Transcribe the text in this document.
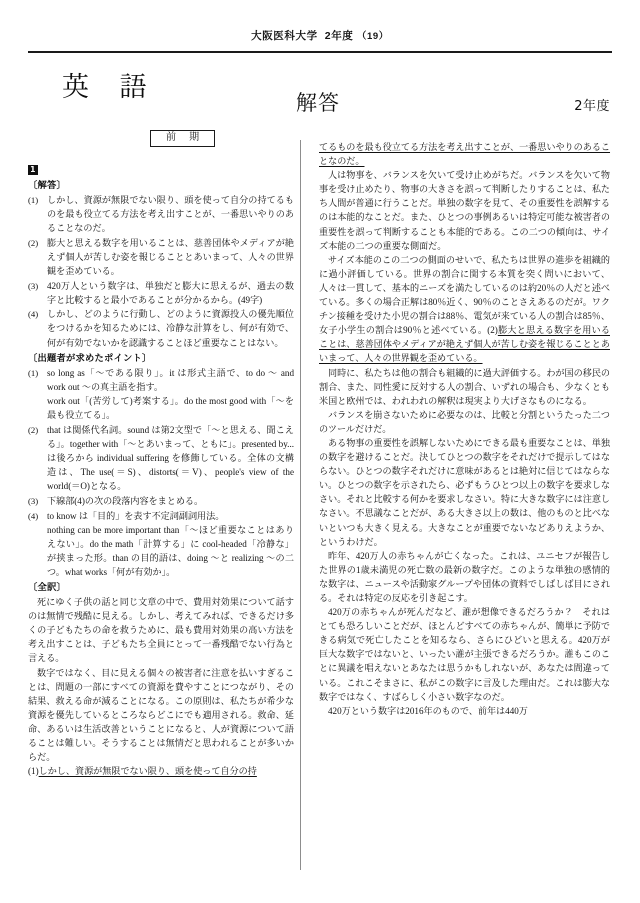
大阪医科大学 2年度 （19）
英 語	解答	2年度
前 期
1
〔解答〕
(1) しかし、資源が無限でない限り、頭を使って自分の持てるものを最も役立てる方法を考え出すことが、一番思いやりのあることなのだ。
(2) 膨大と思える数字を用いることは、慈善団体やメディアが絶えず個人が苦しむ姿を報じることとあいまって、人々の世界観を歪めている。
(3) 420万人という数字は、単独だと膨大に思えるが、過去の数字と比較すると最小であることが分かるから。(49字)
(4) しかし、どのように行動し、どのように資源投入の優先順位をつけるかを知るためには、冷静な計算をし、何が有効で、何が有効でないかを認識することほど重要なことはない。
〔出題者が求めたポイント〕
(1) so long as「～である限り」。it は形式主語で、to do ～ and work out ～の真主語を指す。
work out「(苦労して)考案する」。do the most good with「～を最も役立てる」。
(2) that は関係代名詞。sound は第2文型で「～と思える、聞こえる」。together with「～とあいまって、ともに」。presented by... は後ろから individual suffering を修飾している。全体の文構造は、The use(＝S)、distorts(＝V)、people's view of the world(＝O)となる。
(3) 下線部(4)の次の段落内容をまとめる。
(4) to know は「目的」を表す不定詞副詞用法。
nothing can be more important than「～ほど重要なことはありえない」。do the math「計算する」に cool-headed「冷静な」が挟まった形。than の目的語は、doing ～と realizing ～の二つ。what works「何が有効か」。
〔全訳〕

死にゆく子供の話と同じ文章の中で、費用対効果について話すのは無情で残酷に見える。しかし、考えてみれば、できるだけ多くの子どもたちの命を救うために、最も費用対効果の高い方法を考え出すことは、子どもたち全員にとって一番残酷でない行為と言える。

数字ではなく、目に見える個々の被害者に注意を払いすぎることは、問題の一部にすべての資源を費やすことにつながり、その結果、救える命が減ることになる。この原則は、私たちが希少な資源を優先しているところならどこにでも適用される。救命、延命、あるいは生活改善ということになると、人が資源について語ることは難しい。そうすることは無情だと思われることが多いからだ。

(1)しかし、資源が無限でない限り、頭を使って自分の持

てるものを最も役立てる方法を考え出すことが、一番思いやりのあることなのだ。

人は物事を、バランスを欠いて受け止めがちだ。バランスを欠いて物事を受け止めたり、物事の大きさを誤って判断したりすることは、私たち人間が普通に行うことだ。単独の数字を見て、その重要性を誤解するのは本能的なことだ。また、ひとつの事例あるいは特定可能な被害者の重要性を誤って判断することも本能的である。この二つの傾向は、サイズ本能の二つの重要な側面だ。

サイズ本能のこの二つの側面のせいで、私たちは世界の進歩を組織的に過小評価している。世界の割合に関する本質を突く問いにおいて、人々は一貫して、基本的ニーズを満たしているのは約20％の人だと述べている。多くの場合正解は80％近く、90％のことさえあるのだが。ワクチン接種を受けた小児の割合は88％、電気が来ている人の割合は85％、女子小学生の割合は90％と述べている。(2)膨大と思える数字を用いることは、慈善団体やメディアが絶えず個人が苦しむ姿を報じることとあいまって、人々の世界観を歪めている。

同時に、私たちは他の割合も組織的に過大評価する。わが国の移民の割合、また、同性愛に反対する人の割合、いずれの場合も、少なくとも米国と欧州では、われわれの解釈は現実より大げさなものになる。

バランスを崩さないために必要なのは、比較と分割というたった二つのツールだけだ。

ある物事の重要性を誤解しないためにできる最も重要なことは、単独の数字を避けることだ。決してひとつの数字をそれだけで提示してはならない。ひとつの数字それだけに意味があるとは絶対に信じてはならない。ひとつの数字を示されたら、必ずもうひとつ以上の数字を要求しなさい。それと比較する何かを要求しなさい。特に大きな数字には注意しなさい。不思議なことだが、ある大きさ以上の数は、他のものと比べないといつも大きく見える。大きなことが重要でないなどありえようか、というわけだ。

昨年、420万人の赤ちゃんが亡くなった。これは、ユニセフが報告した世界の1歳未満児の死亡数の最新の数字だ。このような単独の感情的な数字は、ニュースや活動家グループや団体の資料でしばしば目にされる。それは特定の反応を引き起こす。

420万の赤ちゃんが死んだなど、誰が想像できるだろうか？　それはとても恐ろしいことだが、ほとんどすべての赤ちゃんが、簡単に予防できる病気で死亡したことを知るなら、さらにひどいと思える。420万が巨大な数字ではないと、いったい誰が主張できるだろうか。誰もこのことに異議を唱えないとあなたは思うかもしれないが、あなたは間違っている。これこそまさに、私がこの数字に言及した理由だ。これは膨大な数字ではなく、すばらしく小さい数字なのだ。

420万という数字は2016年のもので、前年は440万
